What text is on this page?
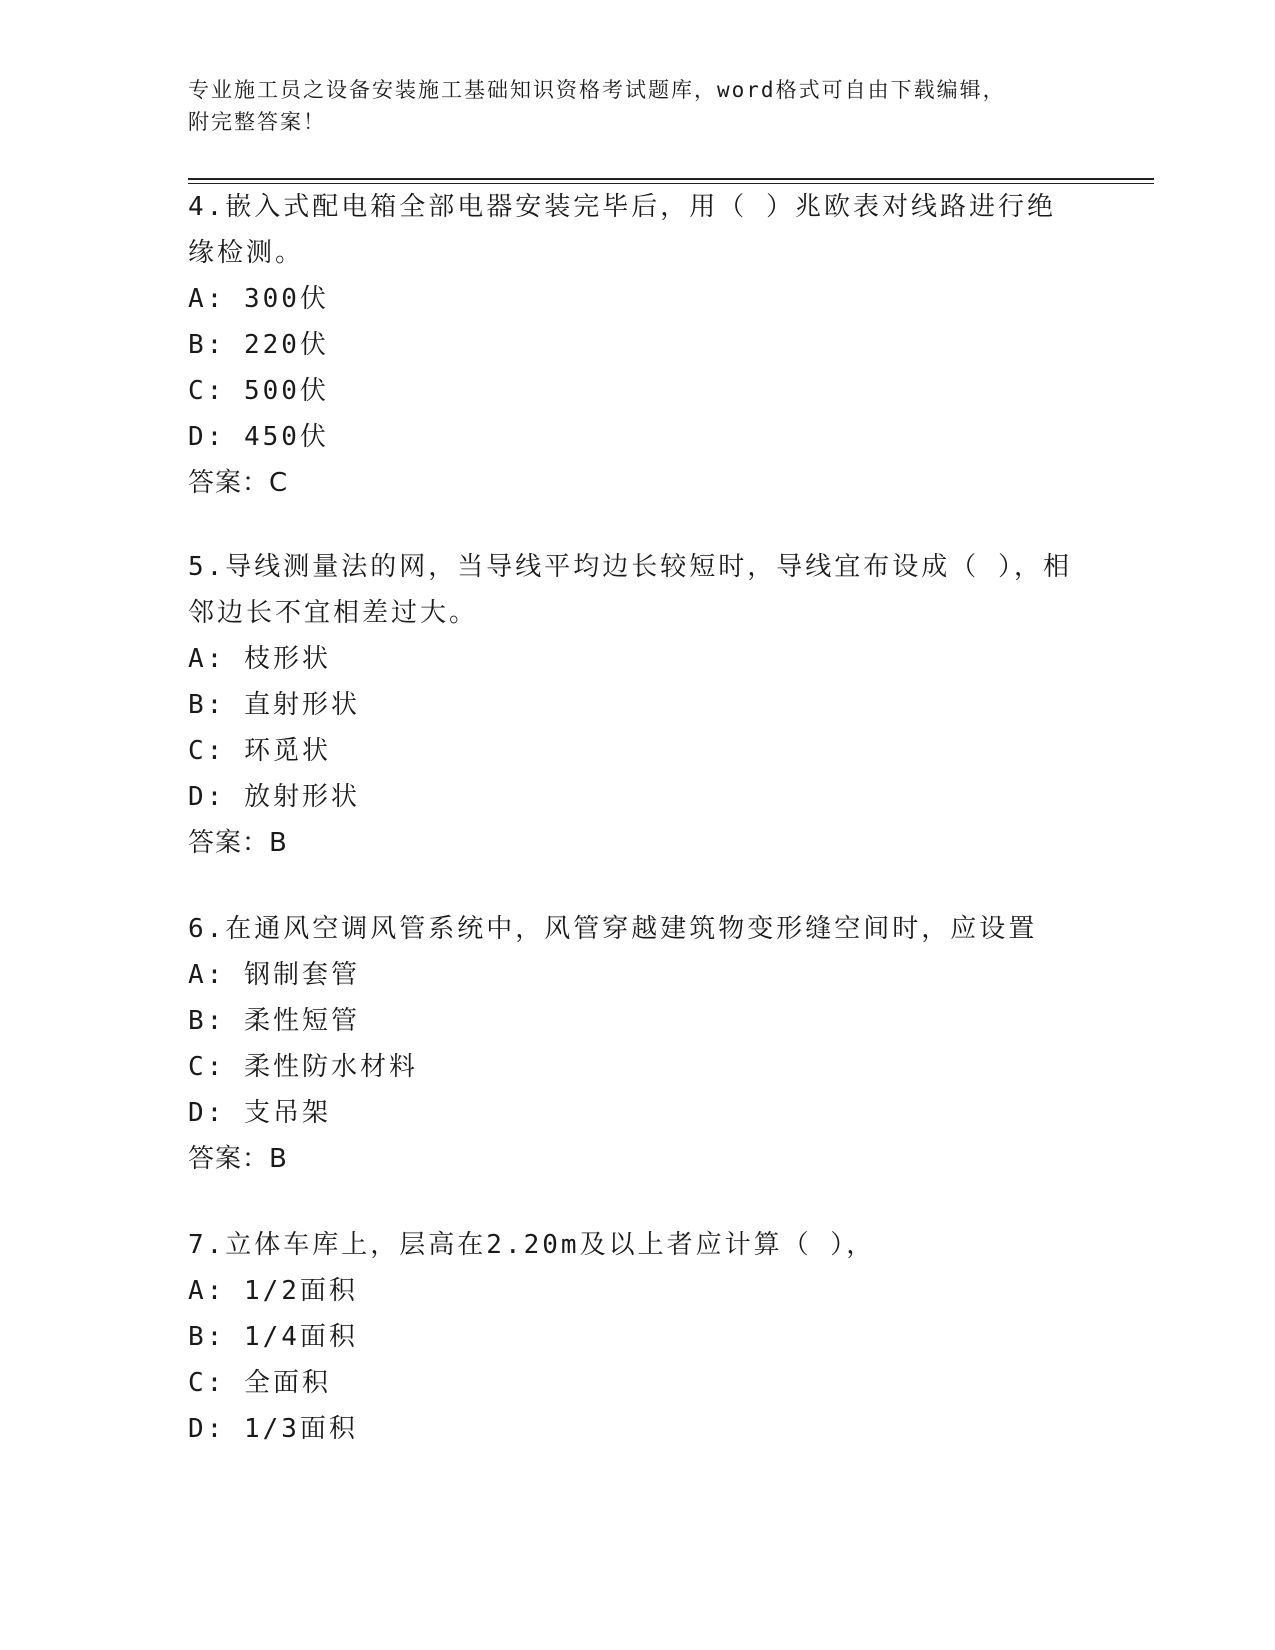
专业施工员之设备安装施工基础知识资格考试题库，word格式可自由下载编辑，
附完整答案！

4.嵌入式配电箱全部电器安装完毕后，用（ ）兆欧表对线路进行绝缘检测。

A: 300伏
B: 220伏
C: 500伏
D: 450伏
答案：C

5.导线测量法的网，当导线平均边长较短时，导线宜布设成（ ），相邻边长不宜相差过大。

A: 枝形状
B: 直射形状
C: 环觅状
D: 放射形状
答案：B

6.在通风空调风管系统中，风管穿越建筑物变形缝空间时，应设置

A: 钢制套管
B: 柔性短管
C: 柔性防水材料
D: 支吊架
答案：B

7.立体车库上，层高在2.20m及以上者应计算（ ），

A: 1/2面积
B: 1/4面积
C: 全面积
D: 1/3面积
